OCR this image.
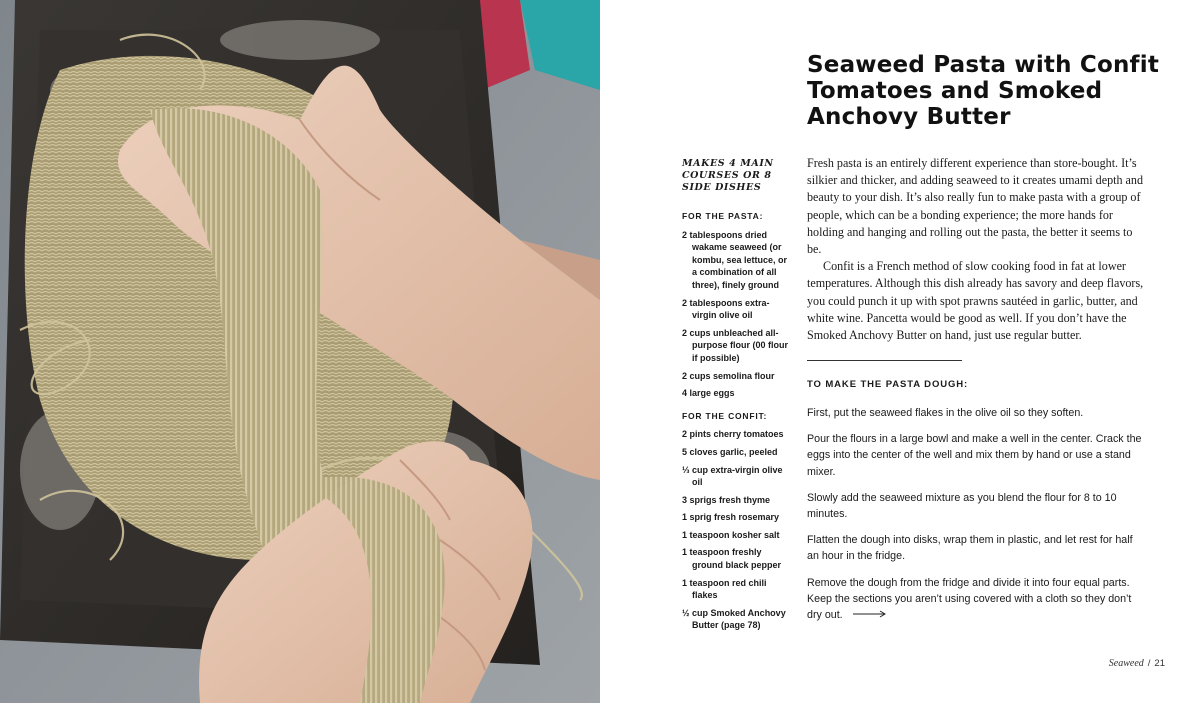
Seaweed Pasta with Confit Tomatoes and Smoked Anchovy Butter
MAKES 4 MAIN COURSES OR 8 SIDE DISHES
FOR THE PASTA:
2 tablespoons dried wakame seaweed (or kombu, sea lettuce, or a combination of all three), finely ground
2 tablespoons extra-virgin olive oil
2 cups unbleached all-purpose flour (00 flour if possible)
2 cups semolina flour
4 large eggs
FOR THE CONFIT:
2 pints cherry tomatoes
5 cloves garlic, peeled
⅓ cup extra-virgin olive oil
3 sprigs fresh thyme
1 sprig fresh rosemary
1 teaspoon kosher salt
1 teaspoon freshly ground black pepper
1 teaspoon red chili flakes
½ cup Smoked Anchovy Butter (page 78)

Fresh pasta is an entirely different experience than store-bought. It’s silkier and thicker, and adding seaweed to it creates umami depth and beauty to your dish. It’s also really fun to make pasta with a group of people, which can be a bonding experience; the more hands for holding and hanging and rolling out the pasta, the better it seems to be.

Confit is a French method of slow cooking food in fat at lower temperatures. Although this dish already has savory and deep flavors, you could punch it up with spot prawns sautéed in garlic, butter, and white wine. Pancetta would be good as well. If you don’t have the Smoked Anchovy Butter on hand, just use regular butter.

TO MAKE THE PASTA DOUGH:

First, put the seaweed flakes in the olive oil so they soften.

Pour the flours in a large bowl and make a well in the center. Crack the eggs into the center of the well and mix them by hand or use a stand mixer.

Slowly add the seaweed mixture as you blend the flour for 8 to 10 minutes.

Flatten the dough into disks, wrap them in plastic, and let rest for half an hour in the fridge.

Remove the dough from the fridge and divide it into four equal parts. Keep the sections you aren’t using covered with a cloth so they don’t dry out.

Seaweed / 21
